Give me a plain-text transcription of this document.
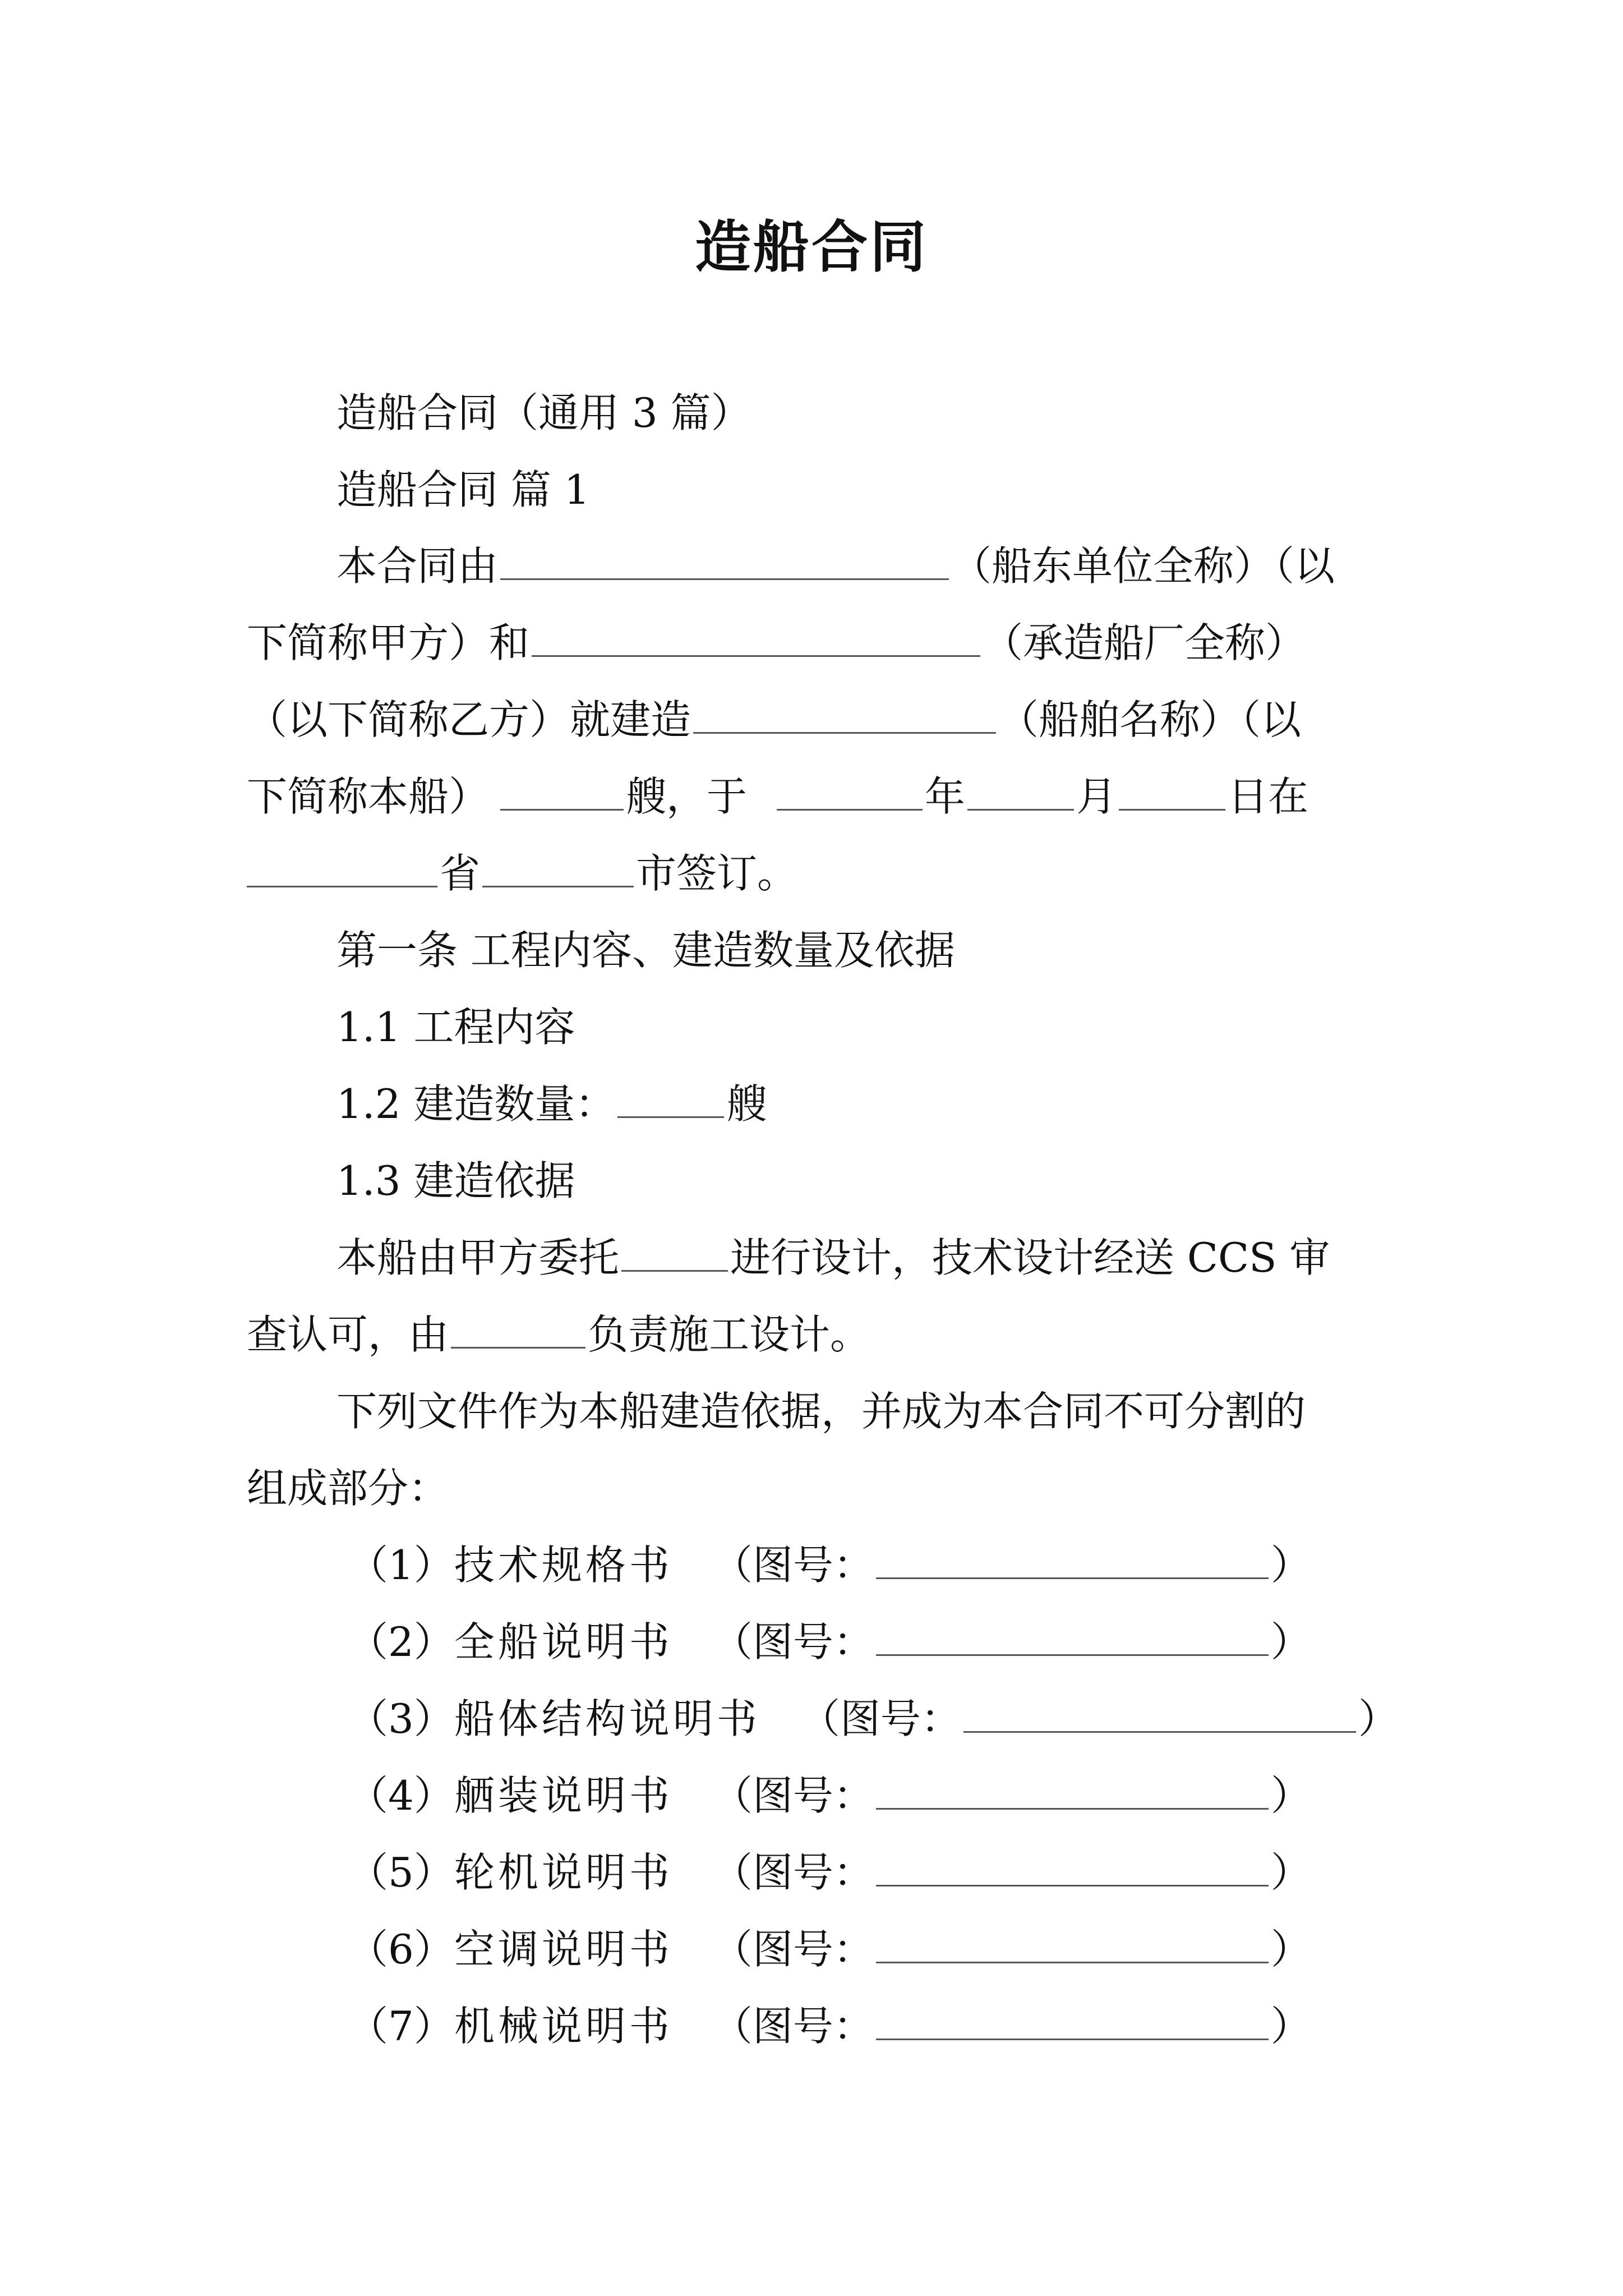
造船合同
造船合同（通用 3 篇）
造船合同 篇 1
本合同由	（船东单位全称）（以
下简称甲方）和	（承造船厂全称）
（以下简称乙方）就建造	（船舶名称）（以
下简称本船）	艘，于	年	月	日在
省	市签订。
第一条 工程内容、建造数量及依据
1.1 工程内容
1.2 建造数量：	艘
1.3 建造依据
本船由甲方委托	进行设计，技术设计经送 CCS 审
查认可，由	负责施工设计。
下列文件作为本船建造依据，并成为本合同不可分割的
组成部分：
（1）技术规格书 （图号：	）
（2）全船说明书 （图号：	）
（3）船体结构说明书 （图号：	）
（4）舾装说明书 （图号：	）
（5）轮机说明书 （图号：	）
（6）空调说明书 （图号：	）
（7）机械说明书 （图号：	）
